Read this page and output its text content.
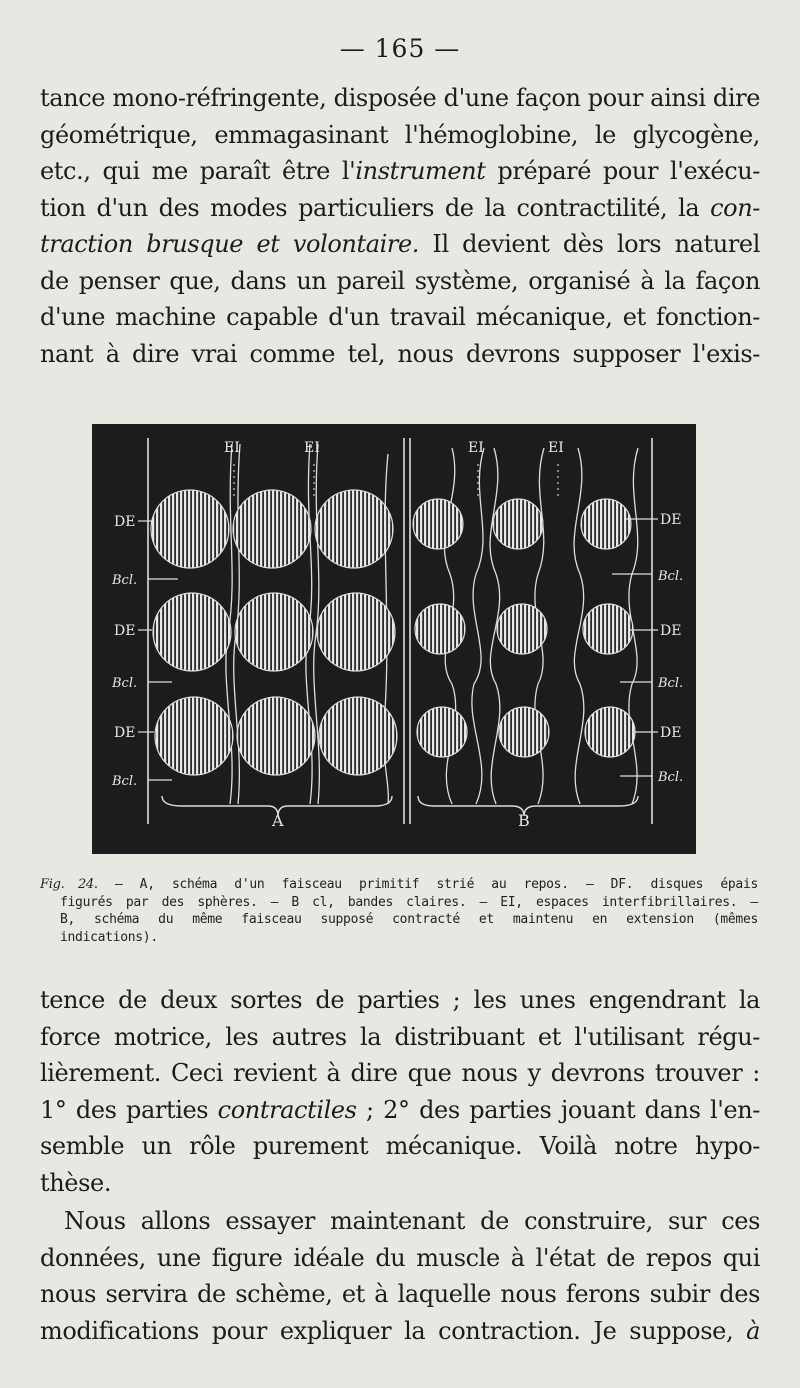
— 165 —

tance mono-réfringente, disposée d'une façon pour ainsi dire
géométrique, emmagasinant l'hémoglobine, le glycogène,
etc., qui me paraît être l'instrument préparé pour l'exécu-
tion d'un des modes particuliers de la contractilité, la con-
traction brusque et volontaire. Il devient dès lors naturel
de penser que, dans un pareil système, organisé à la façon
d'une machine capable d'un travail mécanique, et fonction-
nant à dire vrai comme tel, nous devrons supposer l'exis-

EI	EI	EI	EI
DE
Bcl.
DE
Bcl.
DE
Bcl.
DE
Bcl.
DE
Bcl.
DE
Bcl.
A	B
Fig. 24. — A, schéma d'un faisceau primitif strié au repos. — DF. disques épais
figurés par des sphères. — B cl, bandes claires. — EI, espaces interfibrillaires. —
B, schéma du même faisceau supposé contracté et maintenu en extension (mêmes
indications).

tence de deux sortes de parties ; les unes engendrant la
force motrice, les autres la distribuant et l'utilisant régu-
lièrement. Ceci revient à dire que nous y devrons trouver :
1° des parties contractiles ; 2° des parties jouant dans l'en-
semble un rôle purement mécanique. Voilà notre hypo-
thèse.

Nous allons essayer maintenant de construire, sur ces
données, une figure idéale du muscle à l'état de repos qui
nous servira de schème, et à laquelle nous ferons subir des
modifications pour expliquer la contraction. Je suppose, à
